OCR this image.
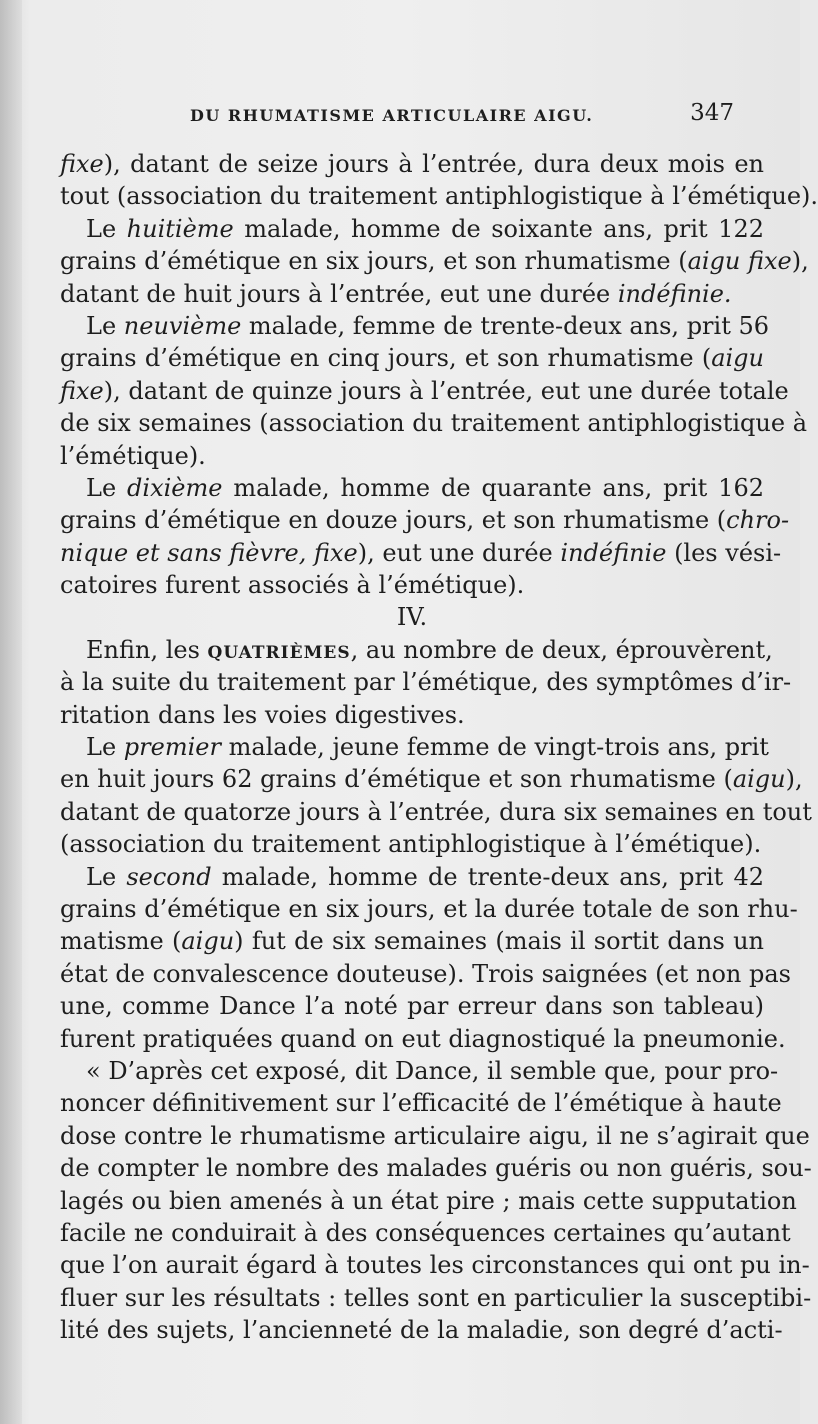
DU RHUMATISME ARTICULAIRE AIGU.	347
fixe), datant de seize jours à l’entrée, dura deux mois en
tout (association du traitement antiphlogistique à l’émétique).
Le huitième malade, homme de soixante ans, prit 122
grains d’émétique en six jours, et son rhumatisme (aigu fixe),
datant de huit jours à l’entrée, eut une durée indéfinie.
Le neuvième malade, femme de trente-deux ans, prit 56
grains d’émétique en cinq jours, et son rhumatisme (aigu
fixe), datant de quinze jours à l’entrée, eut une durée totale
de six semaines (association du traitement antiphlogistique à
l’émétique).
Le dixième malade, homme de quarante ans, prit 162
grains d’émétique en douze jours, et son rhumatisme (chro-
nique et sans fièvre, fixe), eut une durée indéfinie (les vési-
catoires furent associés à l’émétique).
IV.
Enfin, les quatrièmes, au nombre de deux, éprouvèrent,
à la suite du traitement par l’émétique, des symptômes d’ir-
ritation dans les voies digestives.
Le premier malade, jeune femme de vingt-trois ans, prit
en huit jours 62 grains d’émétique et son rhumatisme (aigu),
datant de quatorze jours à l’entrée, dura six semaines en tout
(association du traitement antiphlogistique à l’émétique).
Le second malade, homme de trente-deux ans, prit 42
grains d’émétique en six jours, et la durée totale de son rhu-
matisme (aigu) fut de six semaines (mais il sortit dans un
état de convalescence douteuse). Trois saignées (et non pas
une, comme Dance l’a noté par erreur dans son tableau)
furent pratiquées quand on eut diagnostiqué la pneumonie.
« D’après cet exposé, dit Dance, il semble que, pour pro-
noncer définitivement sur l’efficacité de l’émétique à haute
dose contre le rhumatisme articulaire aigu, il ne s’agirait que
de compter le nombre des malades guéris ou non guéris, sou-
lagés ou bien amenés à un état pire ; mais cette supputation
facile ne conduirait à des conséquences certaines qu’autant
que l’on aurait égard à toutes les circonstances qui ont pu in-
fluer sur les résultats : telles sont en particulier la susceptibi-
lité des sujets, l’ancienneté de la maladie, son degré d’acti-
